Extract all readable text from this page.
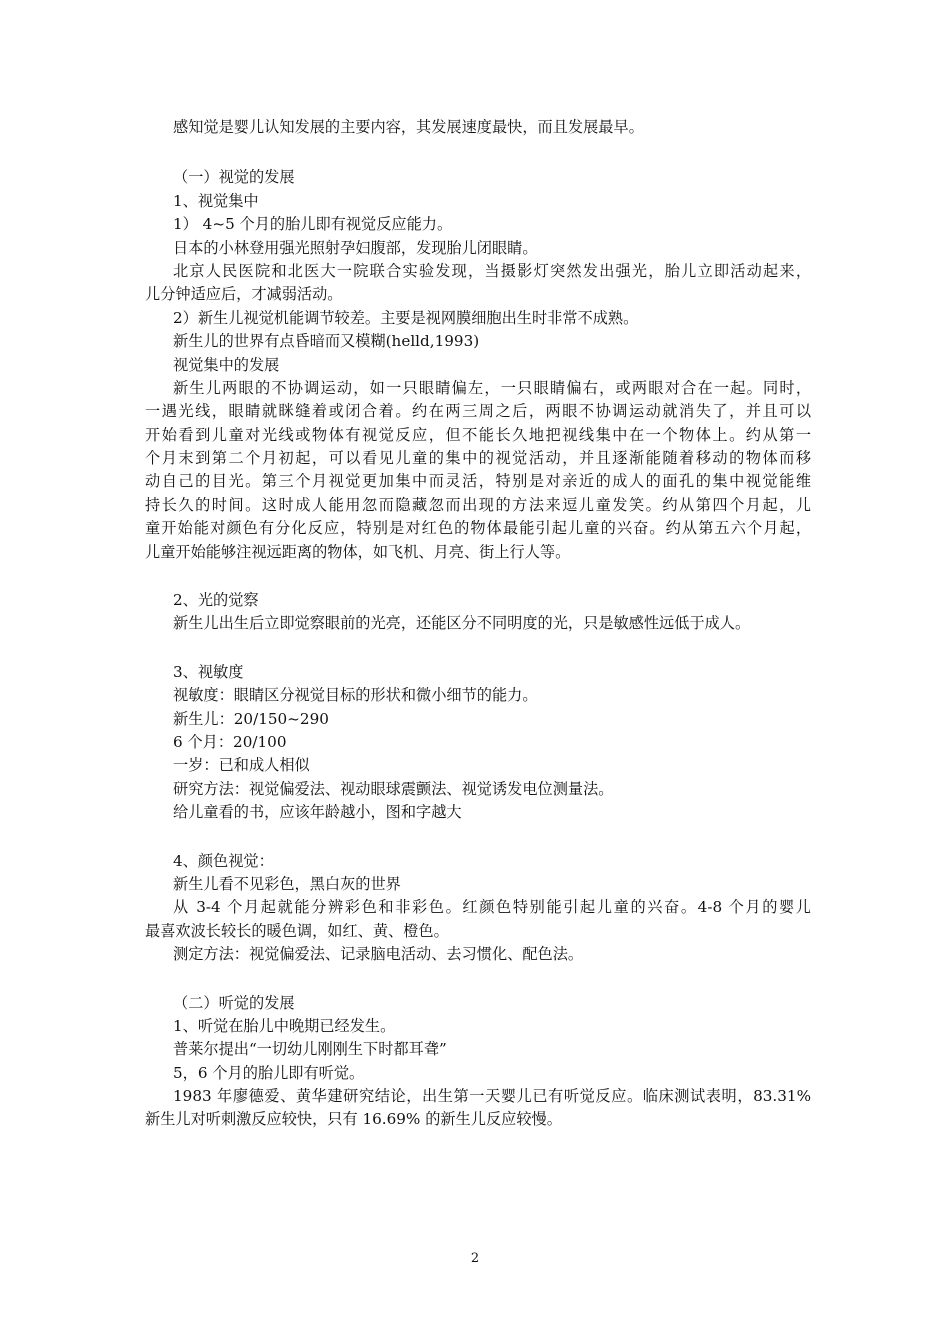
感知觉是婴儿认知发展的主要内容，其发展速度最快，而且发展最早。
（一）视觉的发展
1、视觉集中
1） 4~5 个月的胎儿即有视觉反应能力。
日本的小林登用强光照射孕妇腹部，发现胎儿闭眼睛。
北京人民医院和北医大一院联合实验发现，当摄影灯突然发出强光，胎儿立即活动起来，
儿分钟适应后，才减弱活动。
2）新生儿视觉机能调节较差。主要是视网膜细胞出生时非常不成熟。
新生儿的世界有点昏暗而又模糊(helld,1993)
视觉集中的发展
新生儿两眼的不协调运动，如一只眼睛偏左，一只眼睛偏右，或两眼对合在一起。同时，
一遇光线，眼睛就眯缝着或闭合着。约在两三周之后，两眼不协调运动就消失了，并且可以
开始看到儿童对光线或物体有视觉反应，但不能长久地把视线集中在一个物体上。约从第一
个月末到第二个月初起，可以看见儿童的集中的视觉活动，并且逐渐能随着移动的物体而移
动自己的目光。第三个月视觉更加集中而灵活，特别是对亲近的成人的面孔的集中视觉能维
持长久的时间。这时成人能用忽而隐藏忽而出现的方法来逗儿童发笑。约从第四个月起，儿
童开始能对颜色有分化反应，特别是对红色的物体最能引起儿童的兴奋。约从第五六个月起，
儿童开始能够注视远距离的物体，如飞机、月亮、街上行人等。
2、光的觉察
新生儿出生后立即觉察眼前的光亮，还能区分不同明度的光，只是敏感性远低于成人。
3、视敏度
视敏度：眼睛区分视觉目标的形状和微小细节的能力。
新生儿：20/150~290
6 个月：20/100
一岁：已和成人相似
研究方法：视觉偏爱法、视动眼球震颤法、视觉诱发电位测量法。
给儿童看的书，应该年龄越小，图和字越大
4、颜色视觉：
新生儿看不见彩色，黑白灰的世界
从 3-4 个月起就能分辨彩色和非彩色。红颜色特别能引起儿童的兴奋。4-8 个月的婴儿
最喜欢波长较长的暖色调，如红、黄、橙色。
测定方法：视觉偏爱法、记录脑电活动、去习惯化、配色法。
（二）听觉的发展
1、听觉在胎儿中晚期已经发生。
普莱尔提出“一切幼儿刚刚生下时都耳聋”
5，6 个月的胎儿即有听觉。
1983 年廖德爱、黄华建研究结论，出生第一天婴儿已有听觉反应。临床测试表明，83.31%
新生儿对听刺激反应较快，只有 16.69% 的新生儿反应较慢。
2
